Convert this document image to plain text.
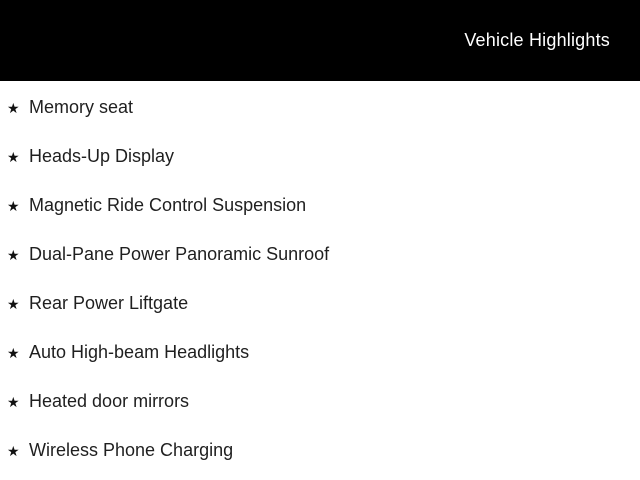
Vehicle Highlights
★ Memory seat
★ Heads-Up Display
★ Magnetic Ride Control Suspension
★ Dual-Pane Power Panoramic Sunroof
★ Rear Power Liftgate
★ Auto High-beam Headlights
★ Heated door mirrors
★ Wireless Phone Charging
